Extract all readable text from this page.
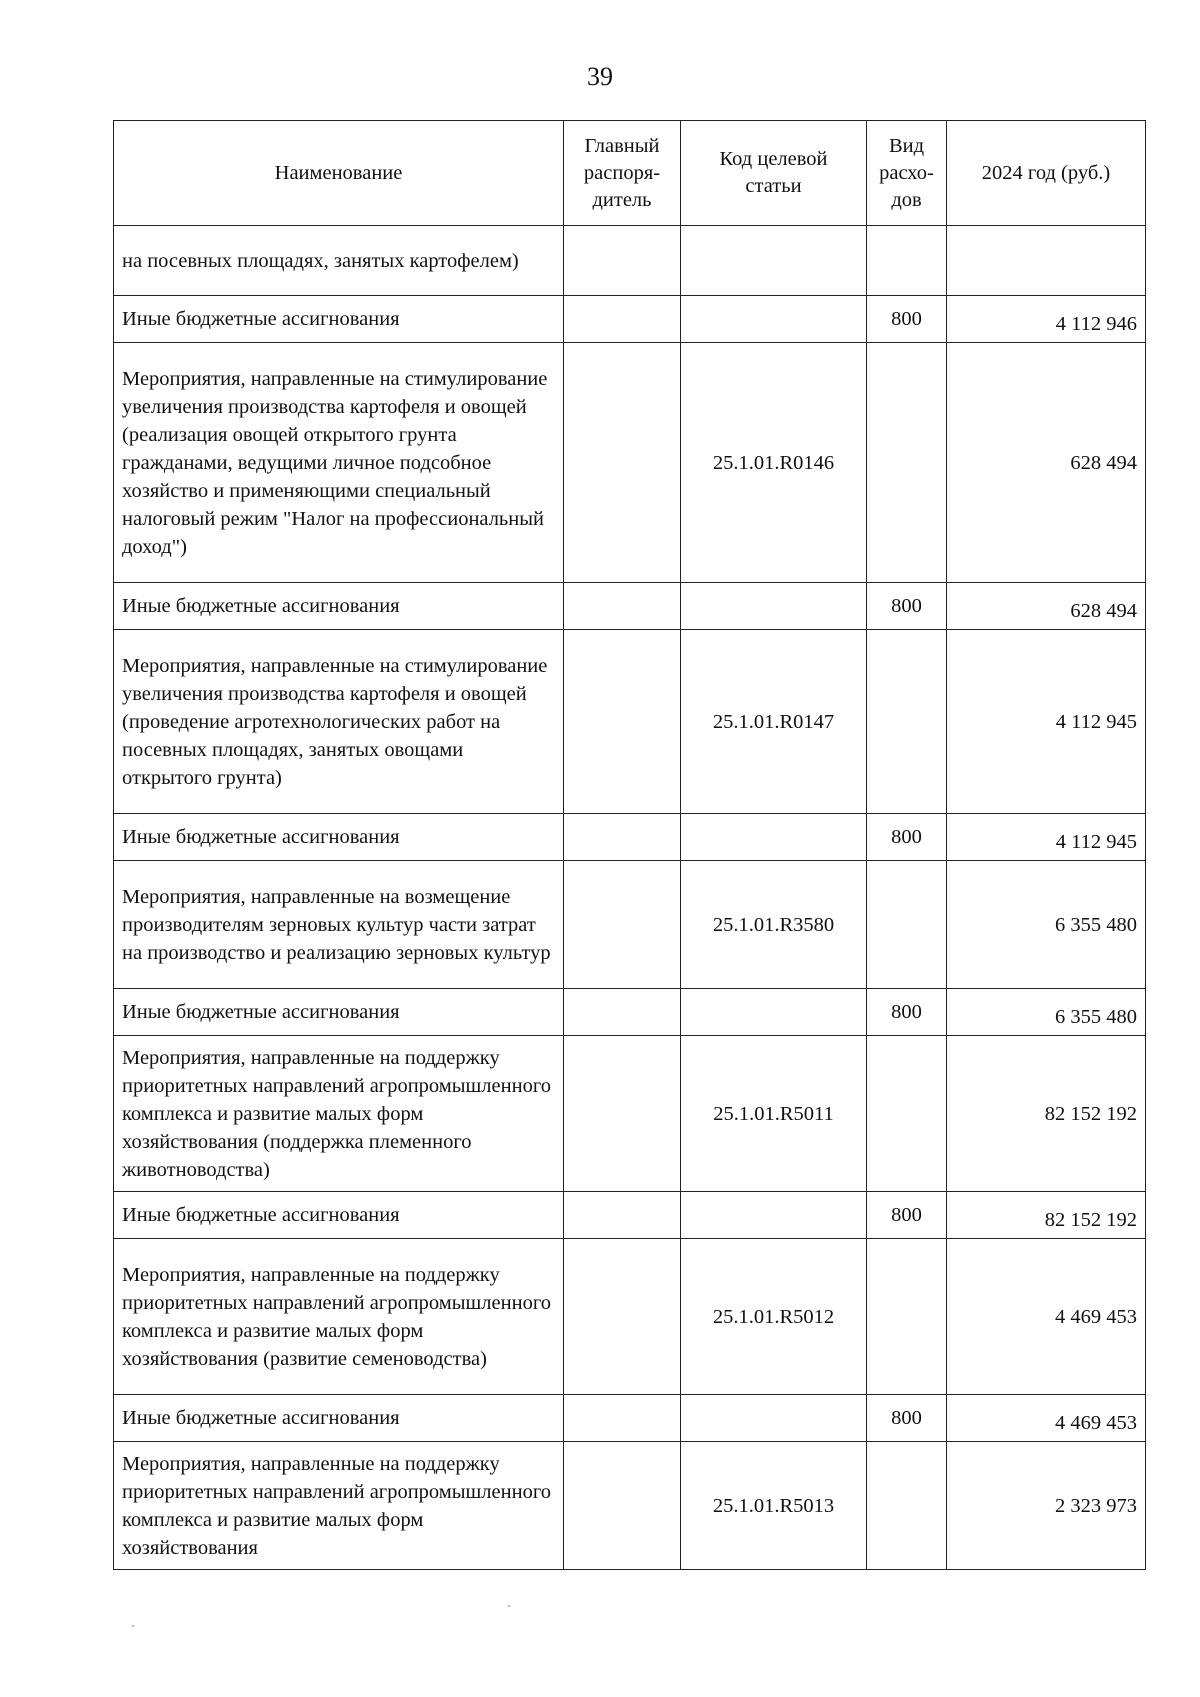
39
Наименование	Главный распоря-дитель	Код целевой статьи	Вид расхо-дов	2024 год (руб.)
на посевных площадях, занятых картофелем)				
Иные бюджетные ассигнования			800	4 112 946
Мероприятия, направленные на стимулирование увеличения производства картофеля и овощей (реализация овощей открытого грунта гражданами, ведущими личное подсобное хозяйство и применяющими специальный налоговый режим "Налог на профессиональный доход")		25.1.01.R0146		628 494
Иные бюджетные ассигнования			800	628 494
Мероприятия, направленные на стимулирование увеличения производства картофеля и овощей (проведение агротехнологических работ на посевных площадях, занятых овощами открытого грунта)		25.1.01.R0147		4 112 945
Иные бюджетные ассигнования			800	4 112 945
Мероприятия, направленные на возмещение производителям зерновых культур части затрат на производство и реализацию зерновых культур		25.1.01.R3580		6 355 480
Иные бюджетные ассигнования			800	6 355 480
Мероприятия, направленные на поддержку приоритетных направлений агропромышленного комплекса и развитие малых форм хозяйствования (поддержка племенного животноводства)		25.1.01.R5011		82 152 192
Иные бюджетные ассигнования			800	82 152 192
Мероприятия, направленные на поддержку приоритетных направлений агропромышленного комплекса и развитие малых форм хозяйствования (развитие семеноводства)		25.1.01.R5012		4 469 453
Иные бюджетные ассигнования			800	4 469 453
Мероприятия, направленные на поддержку приоритетных направлений агропромышленного комплекса и развитие малых форм хозяйствования		25.1.01.R5013		2 323 973
